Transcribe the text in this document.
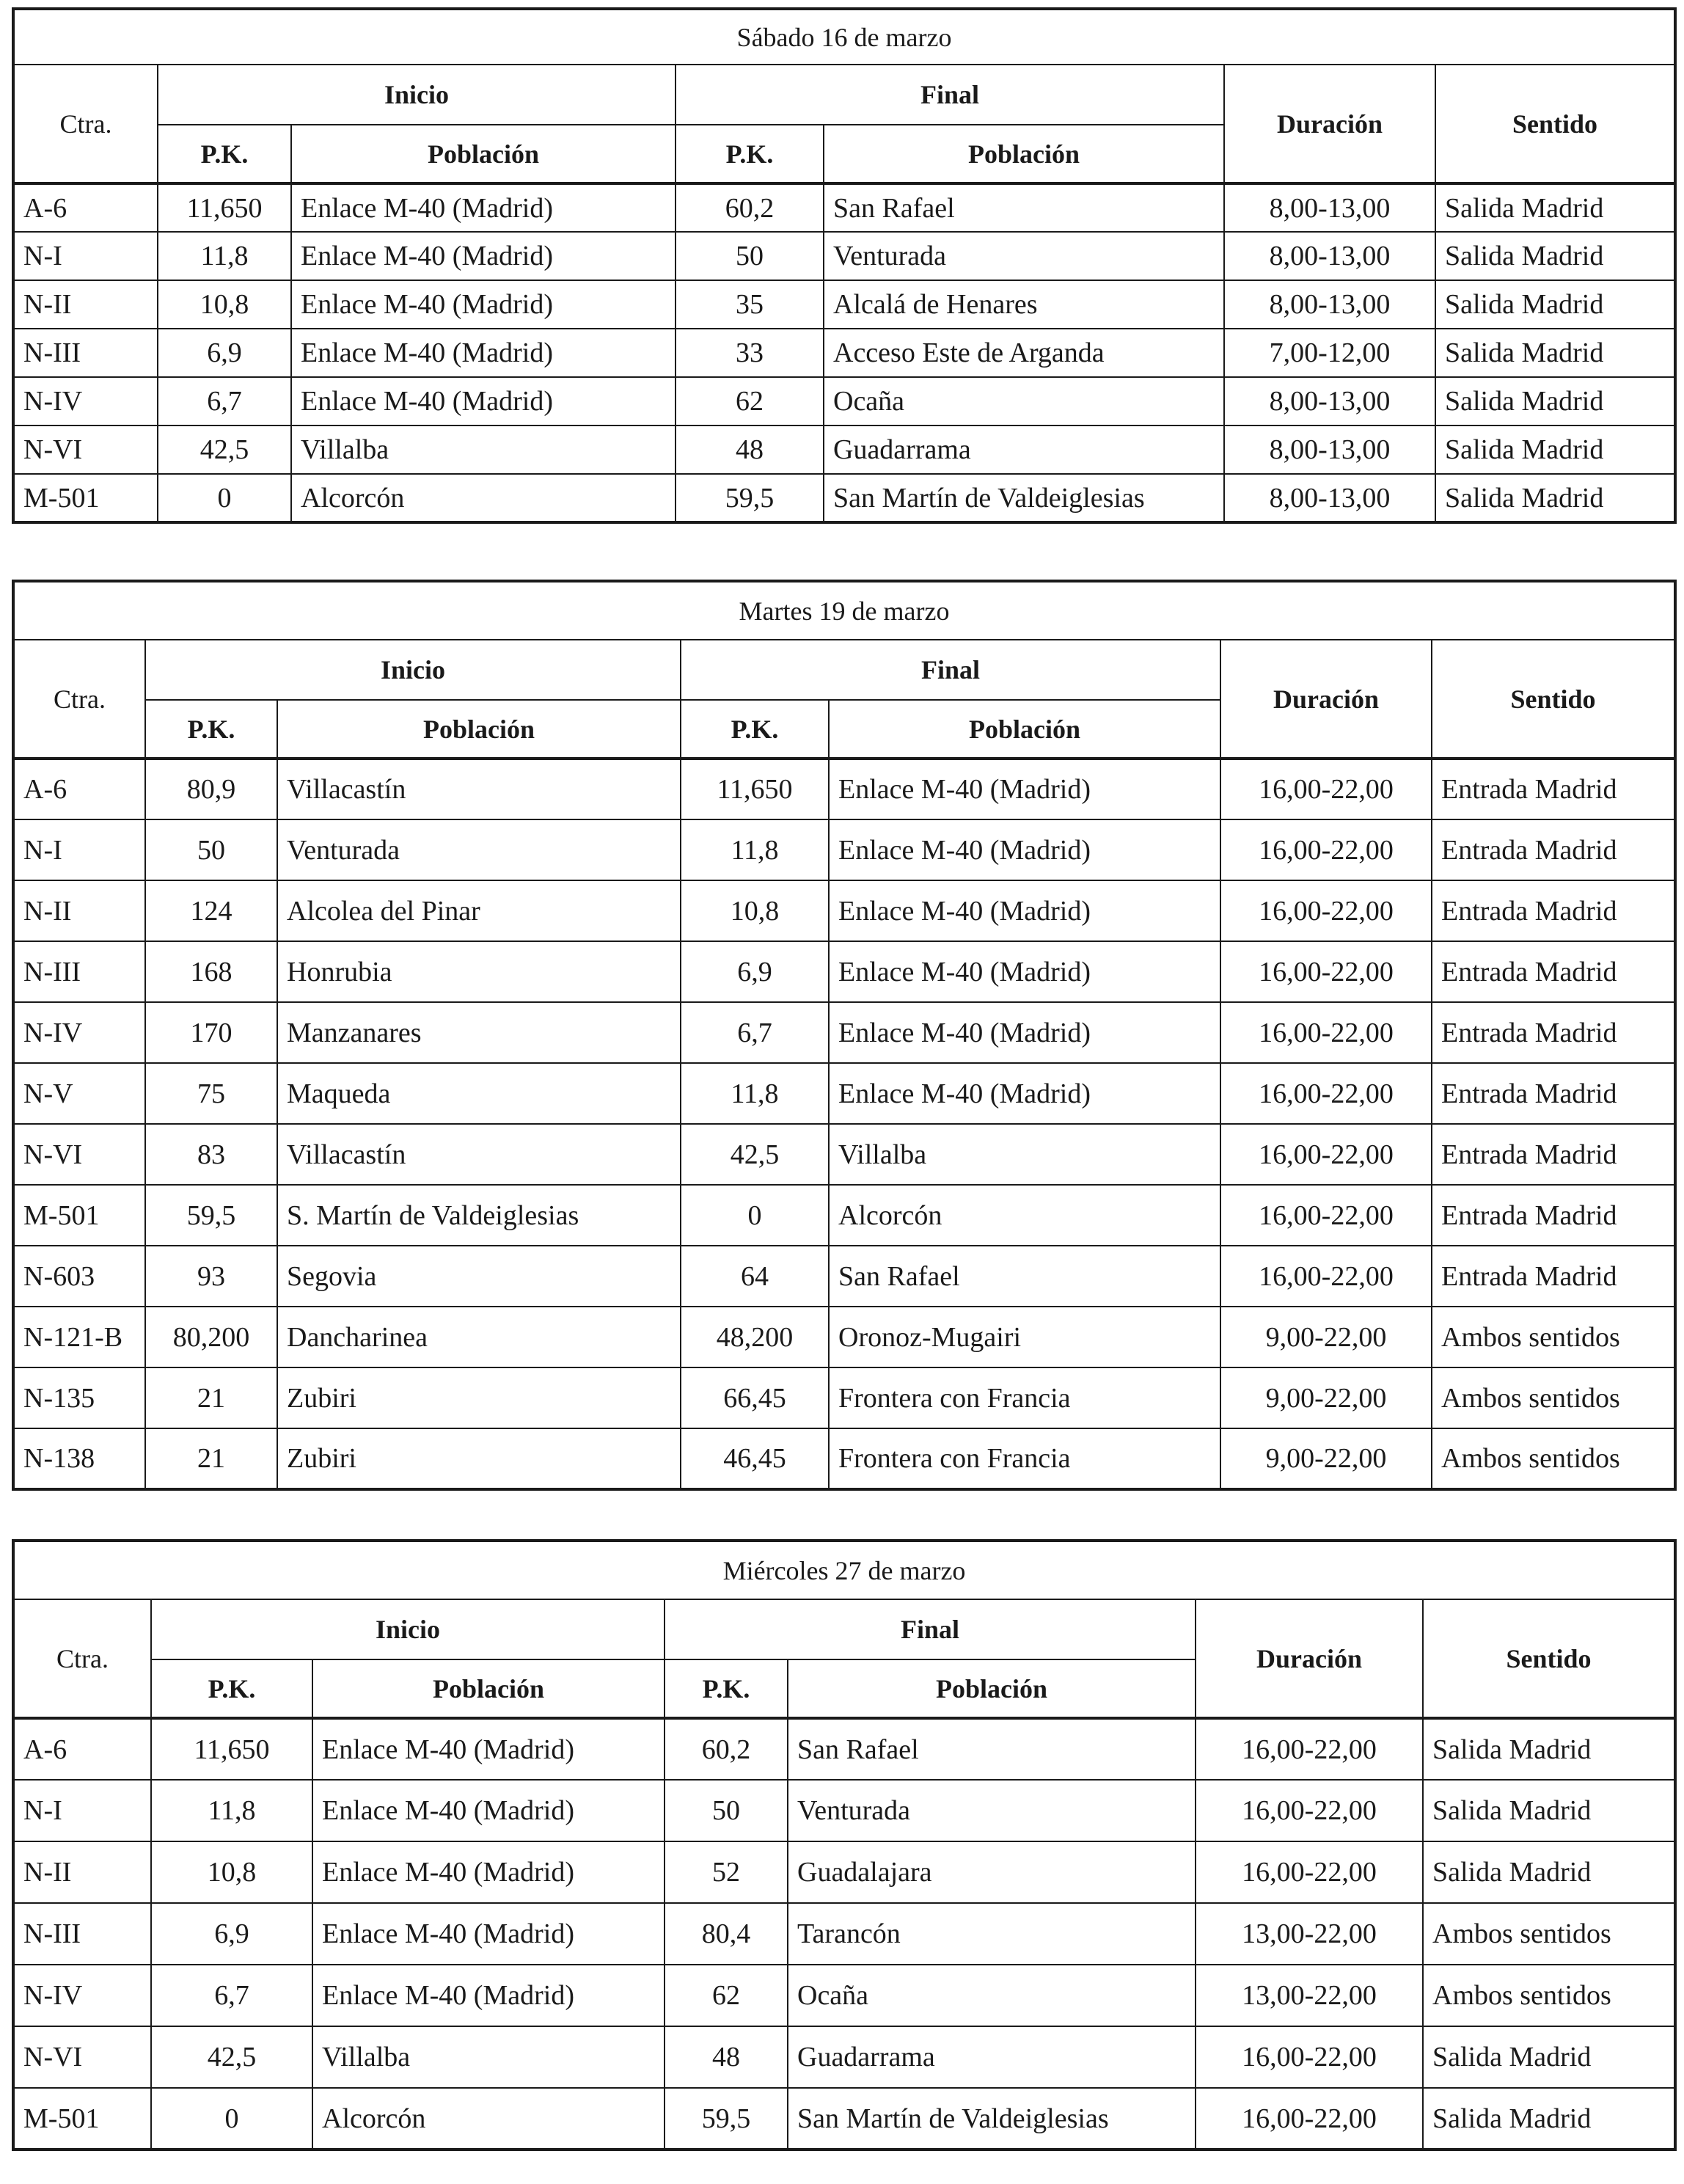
Sábado 16 de marzo						
Ctra.	Inicio		Final		Duración	Sentido
	P.K.	Población	P.K.	Población		
A-6	11,650	Enlace M-40 (Madrid)	60,2	San Rafael	8,00-13,00	Salida Madrid
N-I	11,8	Enlace M-40 (Madrid)	50	Venturada	8,00-13,00	Salida Madrid
N-II	10,8	Enlace M-40 (Madrid)	35	Alcalá de Henares	8,00-13,00	Salida Madrid
N-III	6,9	Enlace M-40 (Madrid)	33	Acceso Este de Arganda	7,00-12,00	Salida Madrid
N-IV	6,7	Enlace M-40 (Madrid)	62	Ocaña	8,00-13,00	Salida Madrid
N-VI	42,5	Villalba	48	Guadarrama	8,00-13,00	Salida Madrid
M-501	0	Alcorcón	59,5	San Martín de Valdeiglesias	8,00-13,00	Salida Madrid
Martes 19 de marzo						
Ctra.	Inicio		Final		Duración	Sentido
	P.K.	Población	P.K.	Población		
A-6	80,9	Villacastín	11,650	Enlace M-40 (Madrid)	16,00-22,00	Entrada Madrid
N-I	50	Venturada	11,8	Enlace M-40 (Madrid)	16,00-22,00	Entrada Madrid
N-II	124	Alcolea del Pinar	10,8	Enlace M-40 (Madrid)	16,00-22,00	Entrada Madrid
N-III	168	Honrubia	6,9	Enlace M-40 (Madrid)	16,00-22,00	Entrada Madrid
N-IV	170	Manzanares	6,7	Enlace M-40 (Madrid)	16,00-22,00	Entrada Madrid
N-V	75	Maqueda	11,8	Enlace M-40 (Madrid)	16,00-22,00	Entrada Madrid
N-VI	83	Villacastín	42,5	Villalba	16,00-22,00	Entrada Madrid
M-501	59,5	S. Martín de Valdeiglesias	0	Alcorcón	16,00-22,00	Entrada Madrid
N-603	93	Segovia	64	San Rafael	16,00-22,00	Entrada Madrid
N-121-B	80,200	Dancharinea	48,200	Oronoz-Mugairi	9,00-22,00	Ambos sentidos
N-135	21	Zubiri	66,45	Frontera con Francia	9,00-22,00	Ambos sentidos
N-138	21	Zubiri	46,45	Frontera con Francia	9,00-22,00	Ambos sentidos
Miércoles 27 de marzo						
Ctra.	Inicio		Final		Duración	Sentido
	P.K.	Población	P.K.	Población		
A-6	11,650	Enlace M-40 (Madrid)	60,2	San Rafael	16,00-22,00	Salida Madrid
N-I	11,8	Enlace M-40 (Madrid)	50	Venturada	16,00-22,00	Salida Madrid
N-II	10,8	Enlace M-40 (Madrid)	52	Guadalajara	16,00-22,00	Salida Madrid
N-III	6,9	Enlace M-40 (Madrid)	80,4	Tarancón	13,00-22,00	Ambos sentidos
N-IV	6,7	Enlace M-40 (Madrid)	62	Ocaña	13,00-22,00	Ambos sentidos
N-VI	42,5	Villalba	48	Guadarrama	16,00-22,00	Salida Madrid
M-501	0	Alcorcón	59,5	San Martín de Valdeiglesias	16,00-22,00	Salida Madrid
